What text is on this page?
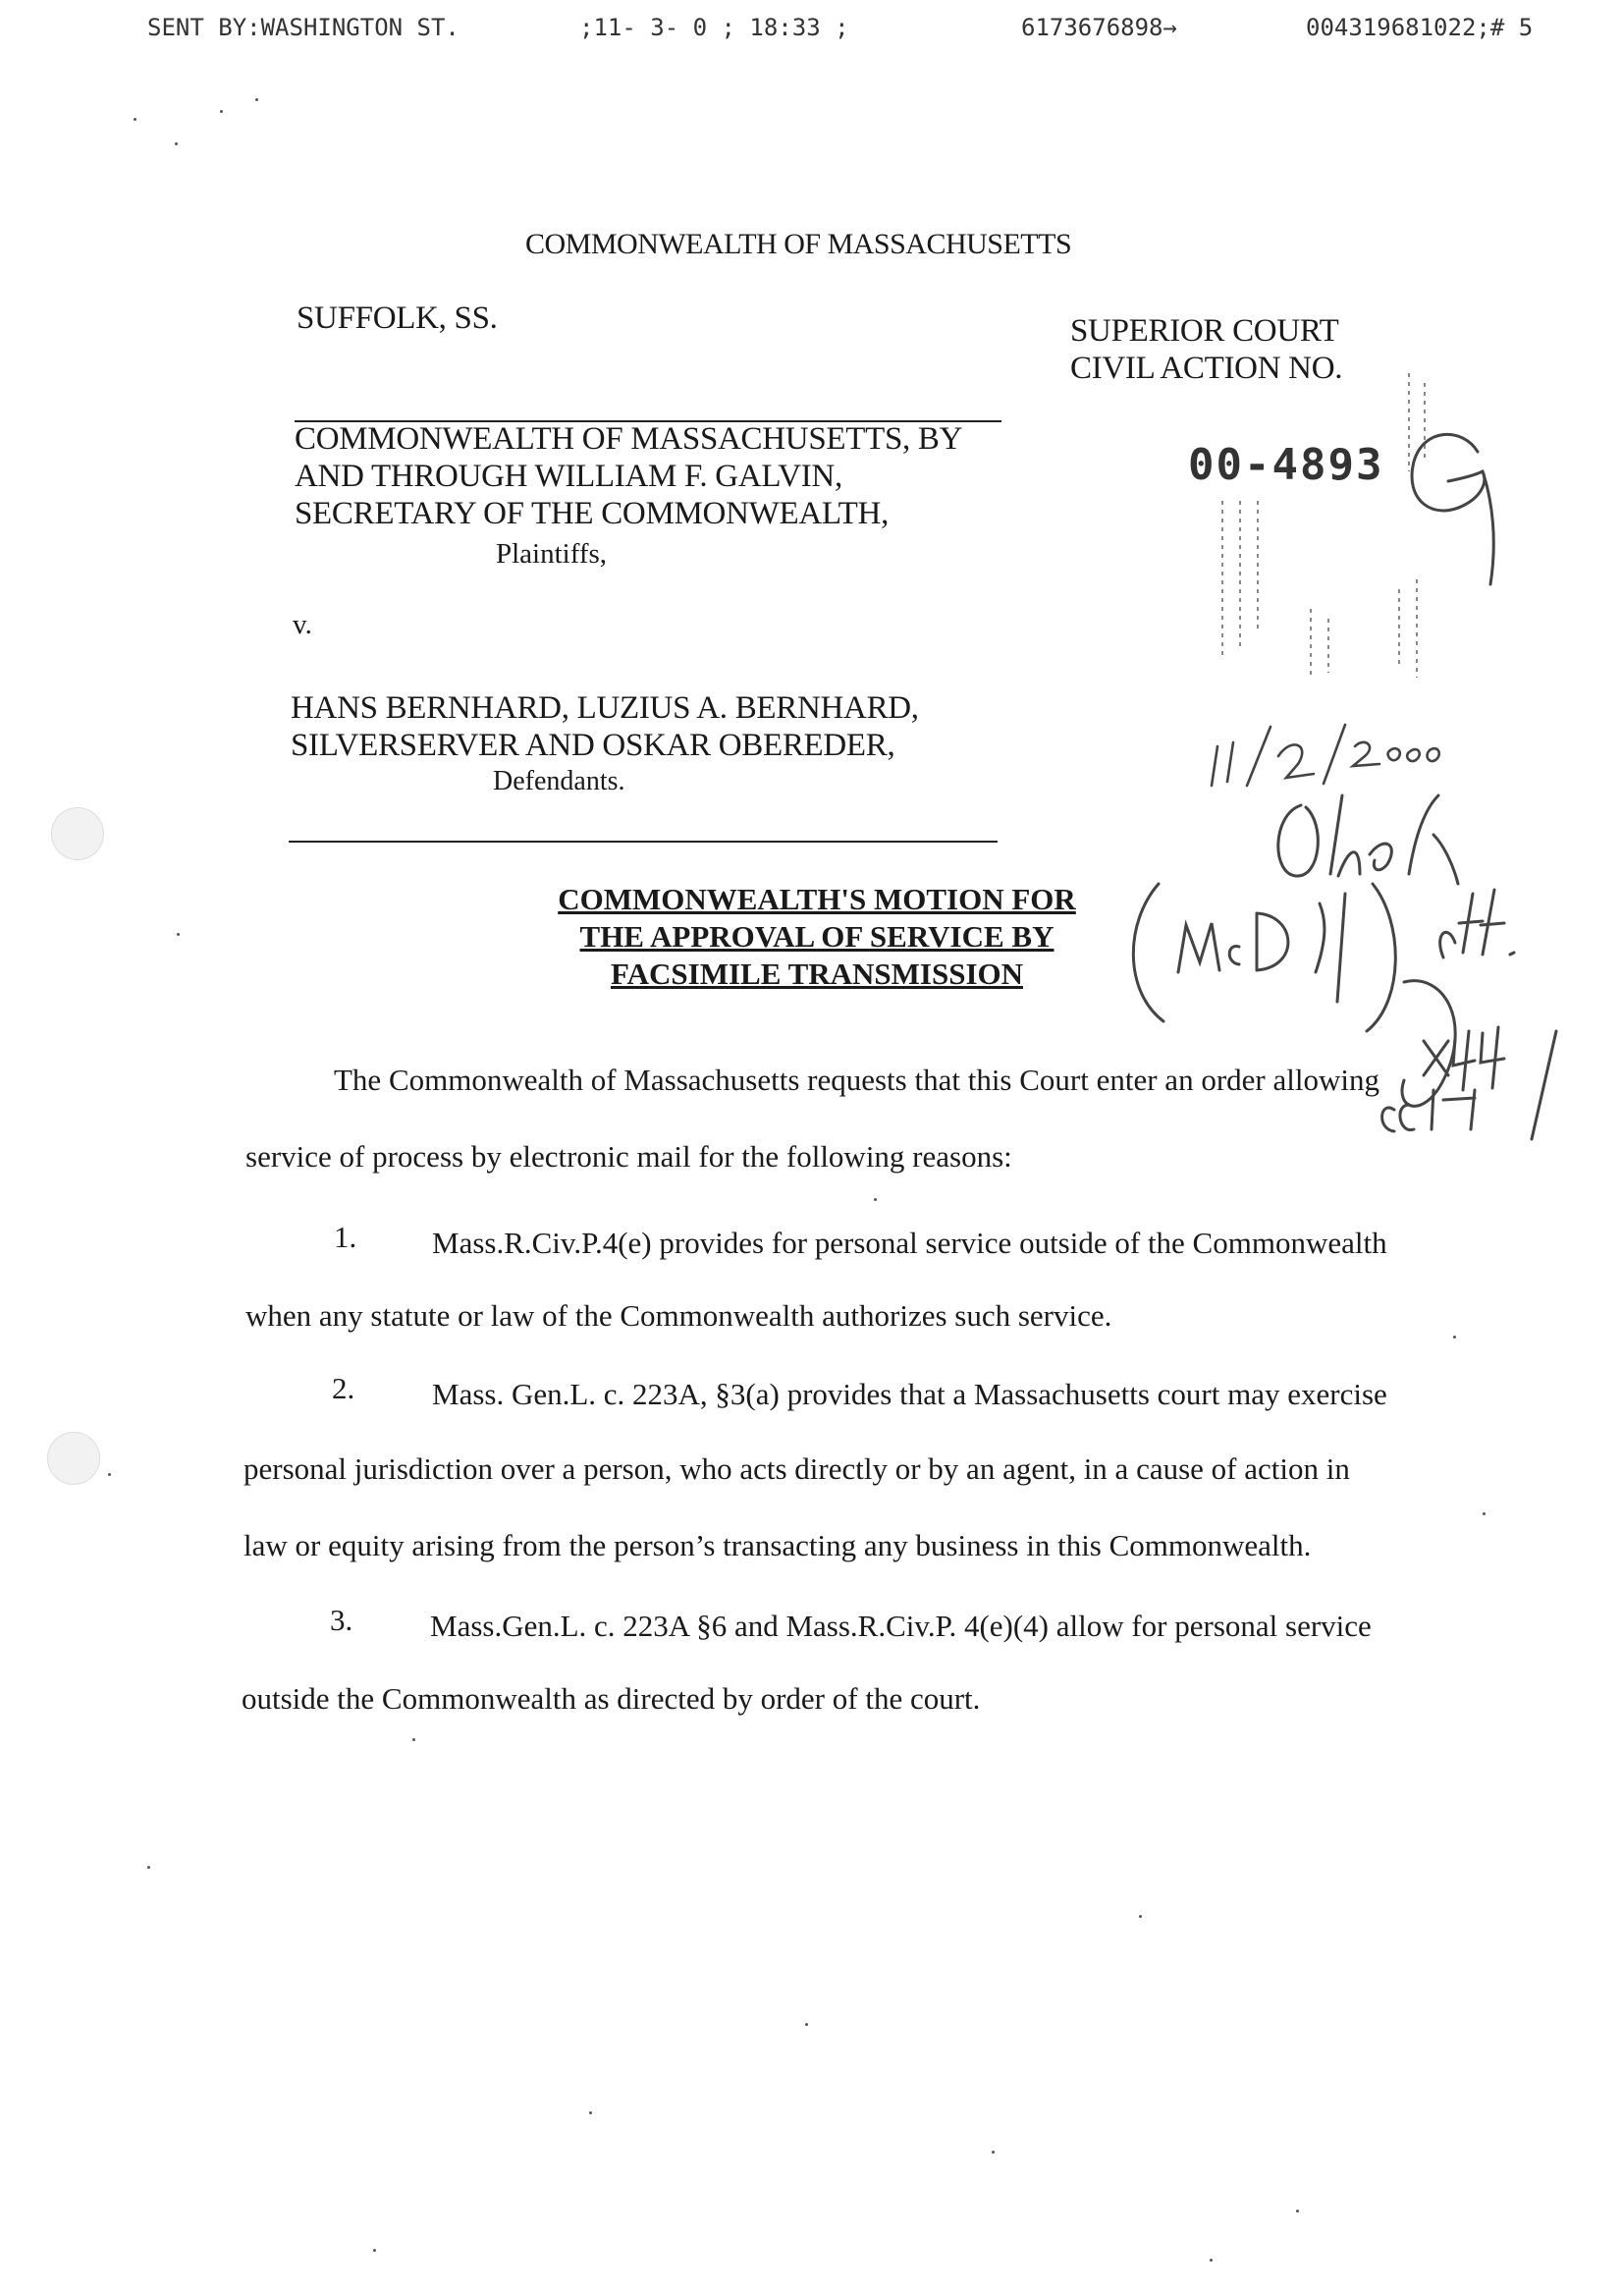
SENT BY:WASHINGTON ST.	;11- 3- 0 ; 18:33 ;	6173676898→	004319681022;# 5
COMMONWEALTH OF MASSACHUSETTS
SUFFOLK, SS.	SUPERIOR COURT
CIVIL ACTION NO.
COMMONWEALTH OF MASSACHUSETTS, BY
AND THROUGH WILLIAM F. GALVIN,
SECRETARY OF THE COMMONWEALTH,
Plaintiffs,
v.
HANS BERNHARD, LUZIUS A. BERNHARD,
SILVERSERVER AND OSKAR OBEREDER,
Defendants.
00-4893
COMMONWEALTH'S MOTION FOR
THE APPROVAL OF SERVICE BY
FACSIMILE TRANSMISSION
The Commonwealth of Massachusetts requests that this Court enter an order allowing
service of process by electronic mail for the following reasons:
1. Mass.R.Civ.P.4(e) provides for personal service outside of the Commonwealth
when any statute or law of the Commonwealth authorizes such service.
2.	Mass. Gen.L. c. 223A, §3(a) provides that a Massachusetts court may exercise
personal jurisdiction over a person, who acts directly or by an agent, in a cause of action in
law or equity arising from the person’s transacting any business in this Commonwealth.
3.	Mass.Gen.L. c. 223A §6 and Mass.R.Civ.P. 4(e)(4) allow for personal service
outside the Commonwealth as directed by order of the court.
